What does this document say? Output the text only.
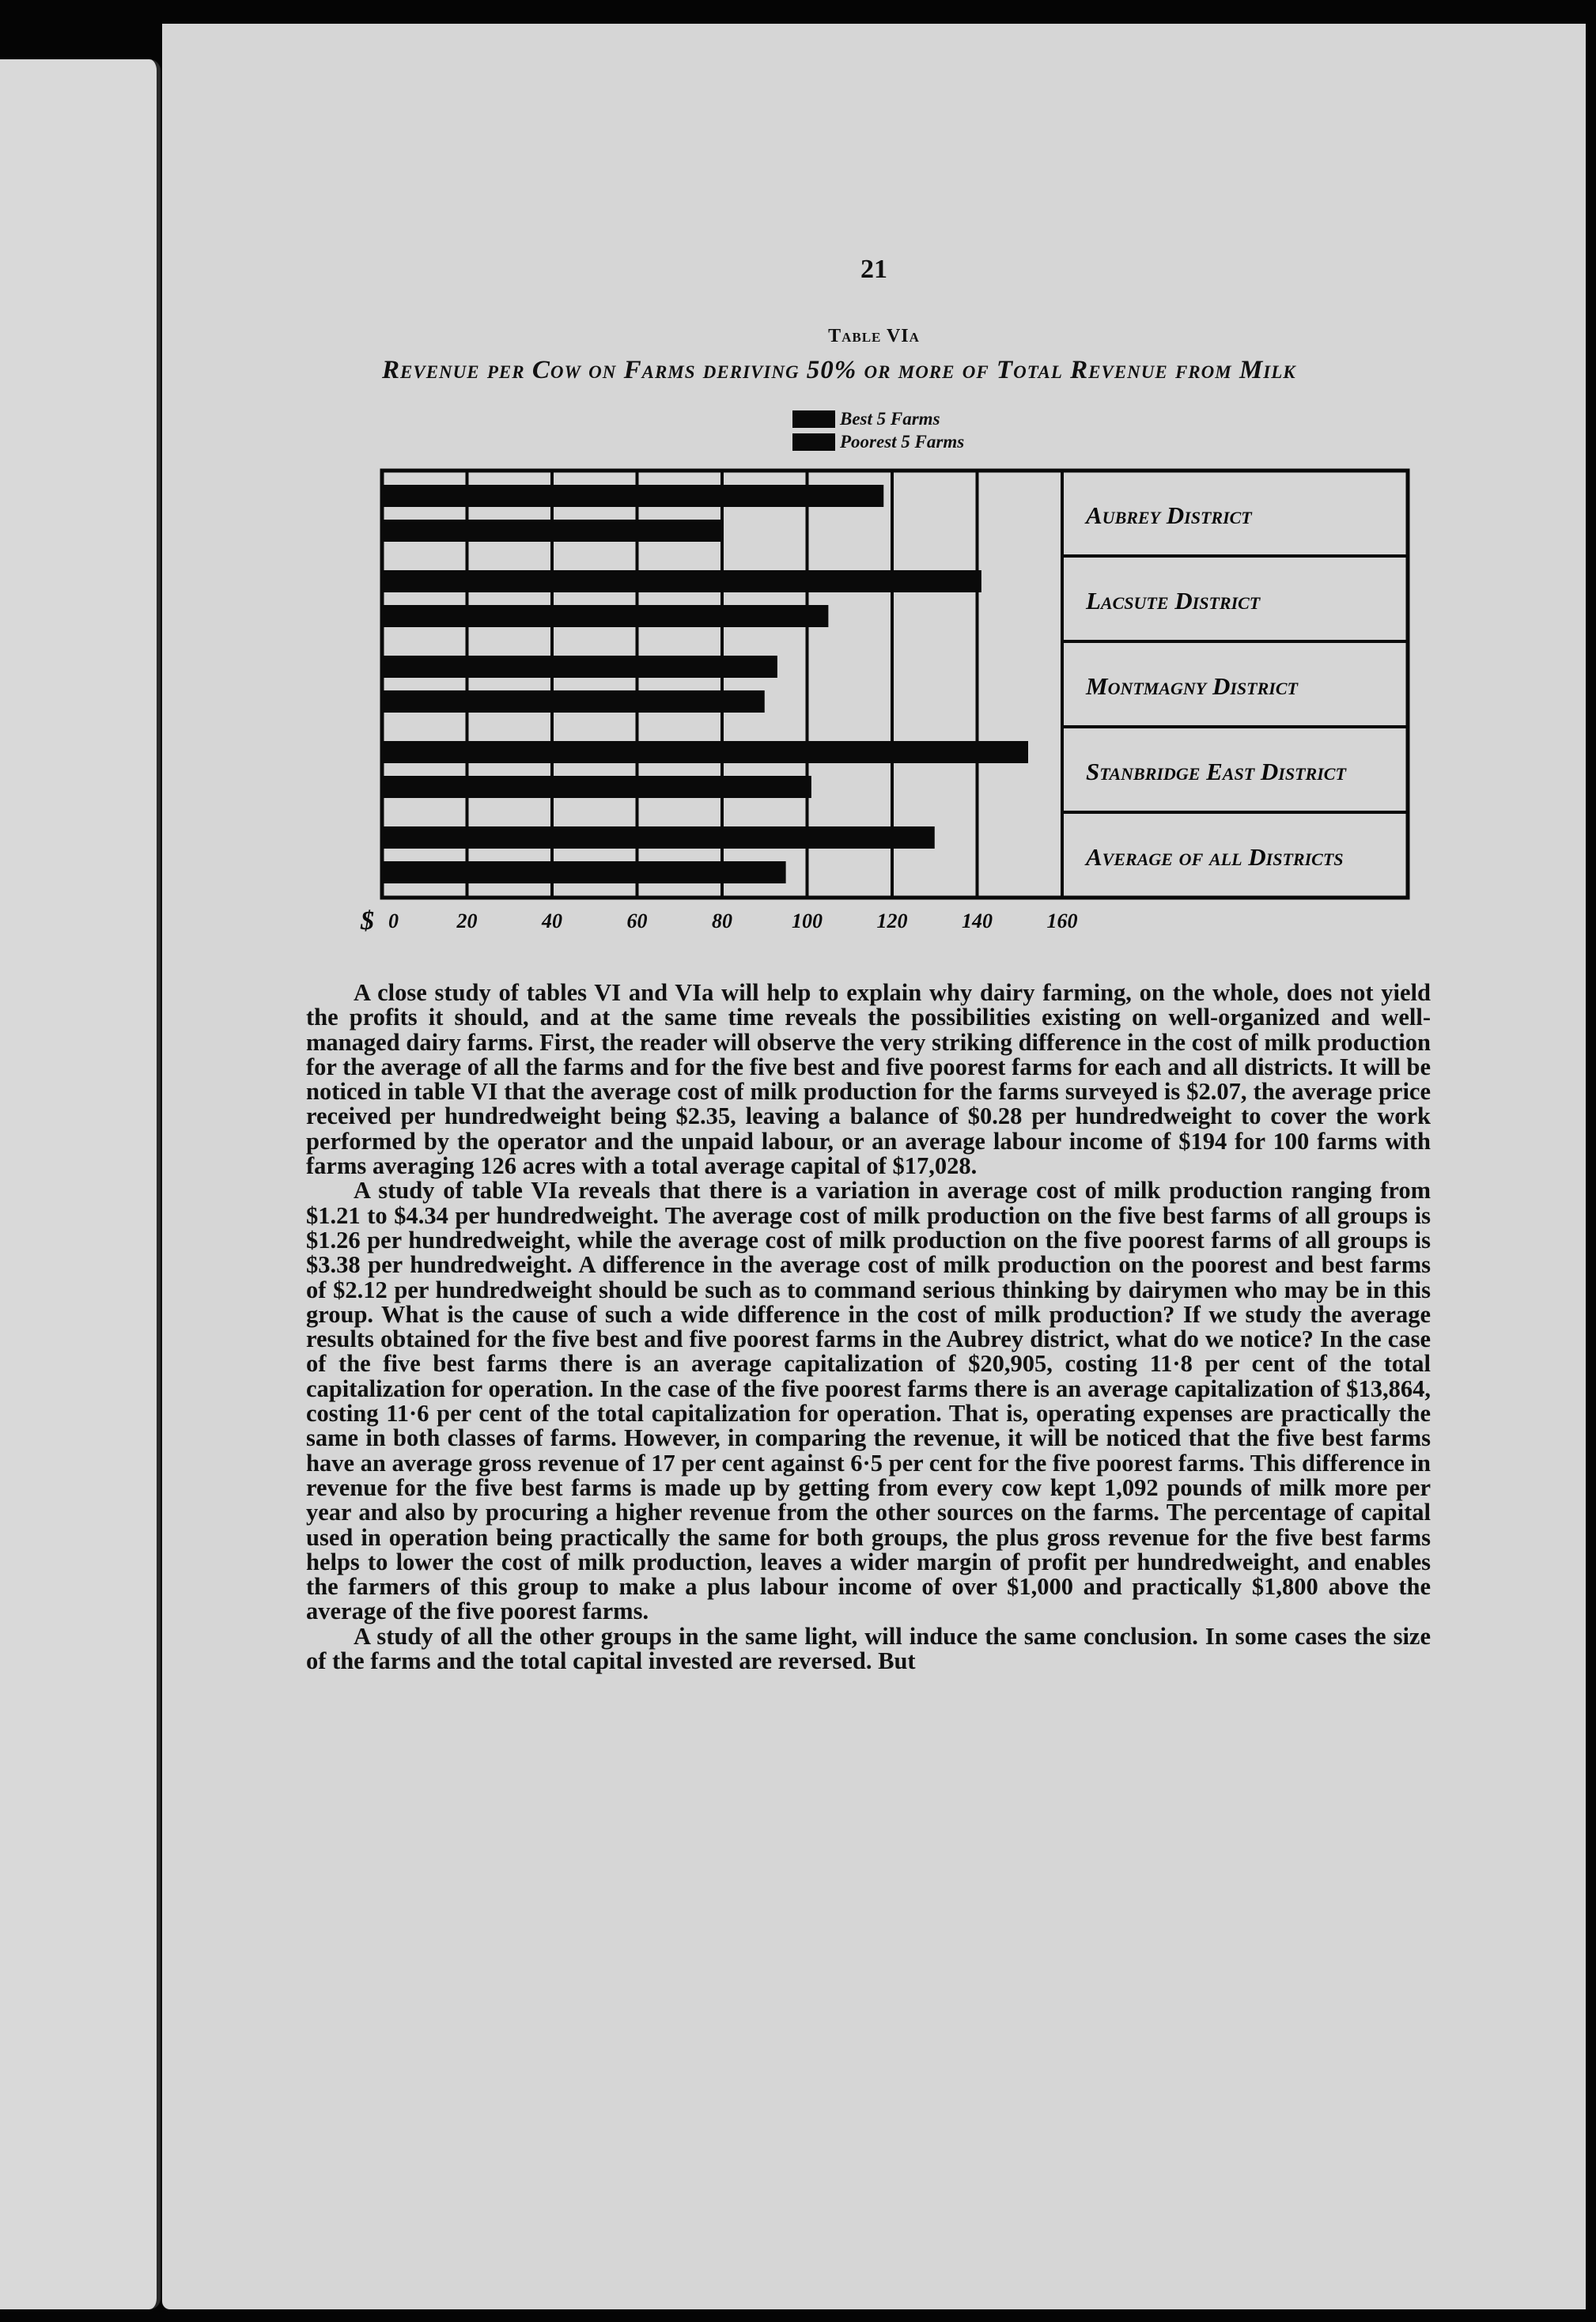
21
Table VIa
Revenue per Cow on Farms deriving 50% or more of Total Revenue from Milk
Best 5 Farms
Poorest 5 Farms
Aubrey District
Lacsute District
Montmagny District
Stanbridge East District
Average of all Districts
0	20	40	60	80	100	120	140	160
$

A close study of tables VI and VIa will help to explain why dairy farming, on the whole, does not yield the profits it should, and at the same time reveals the possibilities existing on well-organized and well-managed dairy farms. First, the reader will observe the very striking difference in the cost of milk production for the average of all the farms and for the five best and five poorest farms for each and all districts. It will be noticed in table VI that the average cost of milk production for the farms surveyed is $2.07, the average price received per hundredweight being $2.35, leaving a balance of $0.28 per hundredweight to cover the work performed by the operator and the unpaid labour, or an average labour income of $194 for 100 farms with farms averaging 126 acres with a total average capital of $17,028.

A study of table VIa reveals that there is a variation in average cost of milk production ranging from $1.21 to $4.34 per hundredweight. The average cost of milk production on the five best farms of all groups is $1.26 per hundredweight, while the average cost of milk production on the five poorest farms of all groups is $3.38 per hundredweight. A difference in the average cost of milk production on the poorest and best farms of $2.12 per hundredweight should be such as to command serious thinking by dairymen who may be in this group. What is the cause of such a wide difference in the cost of milk production? If we study the average results obtained for the five best and five poorest farms in the Aubrey district, what do we notice? In the case of the five best farms there is an average capitalization of $20,905, costing 11·8 per cent of the total capitalization for operation. In the case of the five poorest farms there is an average capitalization of $13,864, costing 11·6 per cent of the total capitalization for operation. That is, operating expenses are practically the same in both classes of farms. However, in comparing the revenue, it will be noticed that the five best farms have an average gross revenue of 17 per cent against 6·5 per cent for the five poorest farms. This difference in revenue for the five best farms is made up by getting from every cow kept 1,092 pounds of milk more per year and also by procuring a higher revenue from the other sources on the farms. The percentage of capital used in operation being practically the same for both groups, the plus gross revenue for the five best farms helps to lower the cost of milk production, leaves a wider margin of profit per hundredweight, and enables the farmers of this group to make a plus labour income of over $1,000 and practically $1,800 above the average of the five poorest farms.

A study of all the other groups in the same light, will induce the same conclusion. In some cases the size of the farms and the total capital invested are reversed. But
